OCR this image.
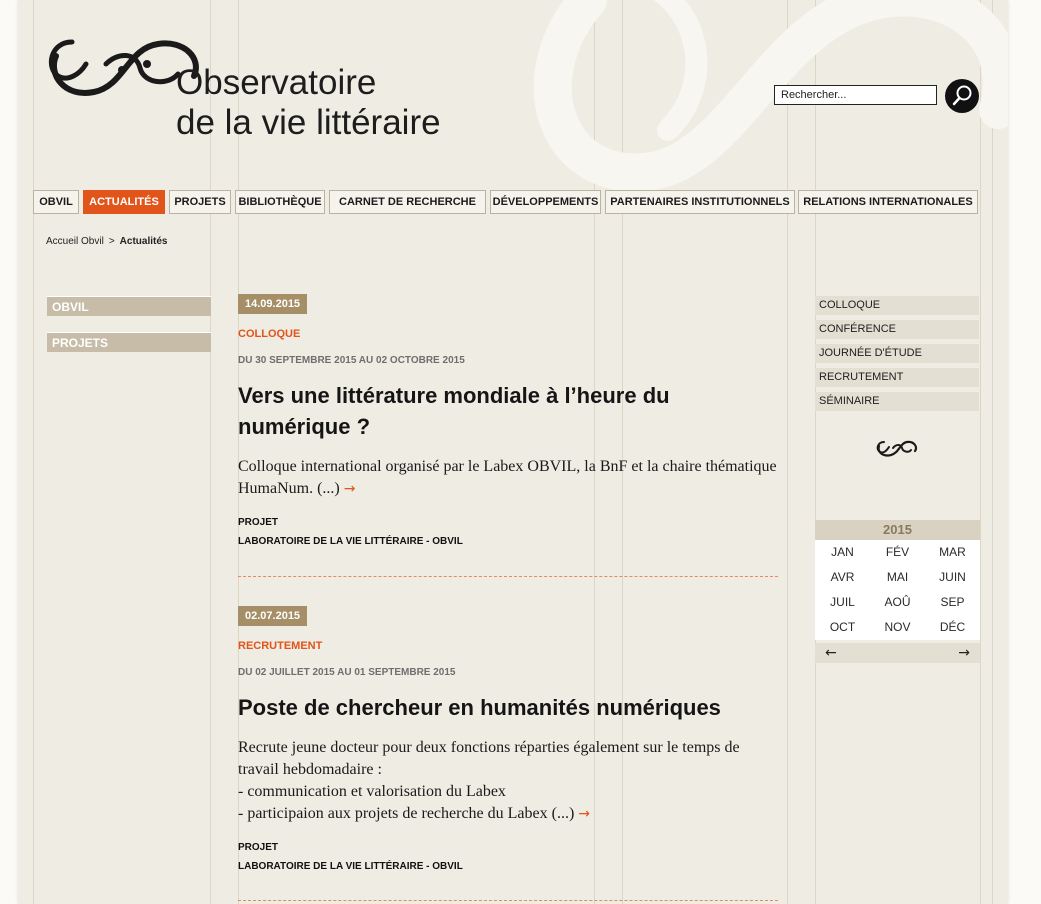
Observatoire
de la vie littéraire
Rechercher...
OBVIL	ACTUALITÉS	PROJETS	BIBLIOTHÈQUE	CARNET DE RECHERCHE	DÉVELOPPEMENTS	PARTENAIRES INSTITUTIONNELS	RELATIONS INTERNATIONALES
Accueil Obvil > Actualités
OBVIL
PROJETS
14.09.2015
COLLOQUE
DU 30 SEPTEMBRE 2015 AU 02 OCTOBRE 2015
Vers une littérature mondiale à l’heure du numérique ?
Colloque international organisé par le Labex OBVIL, la BnF et la chaire thématique HumaNum. (...) →
PROJET
LABORATOIRE DE LA VIE LITTÉRAIRE - OBVIL
02.07.2015
RECRUTEMENT
DU 02 JUILLET 2015 AU 01 SEPTEMBRE 2015
Poste de chercheur en humanités numériques
Recrute jeune docteur pour deux fonctions réparties également sur le temps de travail hebdomadaire :
- communication et valorisation du Labex
- participaion aux projets de recherche du Labex (...) →
PROJET
LABORATOIRE DE LA VIE LITTÉRAIRE - OBVIL
COLLOQUE
CONFÉRENCE
JOURNÉE D'ÉTUDE
RECRUTEMENT
SÉMINAIRE
2015
JAN	FÉV	MAR
AVR	MAI	JUIN
JUIL	AOÛ	SEP
OCT	NOV	DÉC
←	→
